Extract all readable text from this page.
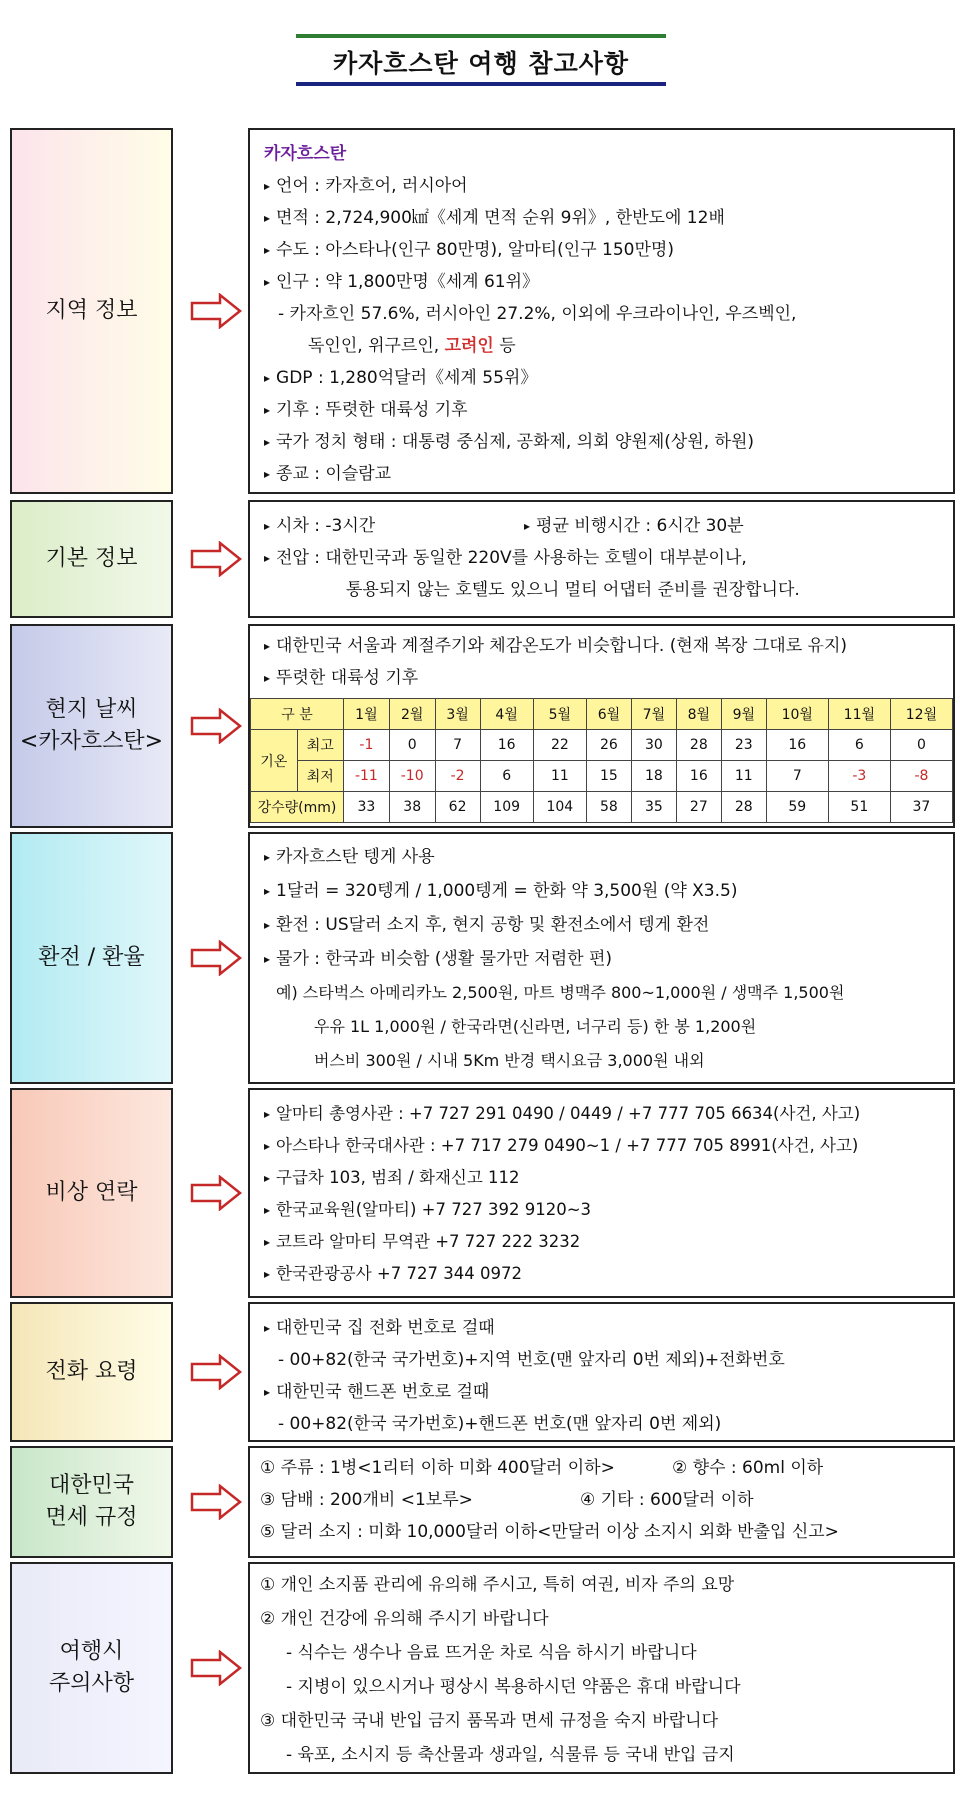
카자흐스탄 여행 참고사항
지역 정보
카자흐스탄
▸ 언어 : 카자흐어, 러시아어
▸ 면적 : 2,724,900㎢《세계 면적 순위 9위》, 한반도에 12배
▸ 수도 : 아스타나(인구 80만명), 알마티(인구 150만명)
▸ 인구 : 약 1,800만명《세계 61위》
- 카자흐인 57.6%, 러시아인 27.2%, 이외에 우크라이나인, 우즈벡인,
독인인, 위구르인, 고려인 등
▸ GDP : 1,280억달러《세계 55위》
▸ 기후 : 뚜렷한 대륙성 기후
▸ 국가 정치 형태 : 대통령 중심제, 공화제, 의회 양원제(상원, 하원)
▸ 종교 : 이슬람교
기본 정보
▸ 시차 : -3시간	▸ 평균 비행시간 : 6시간 30분
▸ 전압 : 대한민국과 동일한 220V를 사용하는 호텔이 대부분이나,
통용되지 않는 호텔도 있으니 멀티 어댑터 준비를 권장합니다.
현지 날씨
<카자흐스탄>
▸ 대한민국 서울과 계절주기와 체감온도가 비슷합니다. (현재 복장 그대로 유지)
▸ 뚜렷한 대륙성 기후
구 분		1월	2월	3월	4월	5월	6월	7월	8월	9월	10월	11월	12월
기온	최고	-1	0	7	16	22	26	30	28	23	16	6	0
	최저	-11	-10	-2	6	11	15	18	16	11	7	-3	-8
강수량(mm)		33	38	62	109	104	58	35	27	28	59	51	37
환전 / 환율
▸ 카자흐스탄 텡게 사용
▸ 1달러 = 320텡게 / 1,000텡게 = 한화 약 3,500원 (약 X3.5)
▸ 환전 : US달러 소지 후, 현지 공항 및 환전소에서 텡게 환전
▸ 물가 : 한국과 비슷함 (생활 물가만 저렴한 편)
예) 스타벅스 아메리카노 2,500원, 마트 병맥주 800~1,000원 / 생맥주 1,500원
우유 1L 1,000원 / 한국라면(신라면, 너구리 등) 한 봉 1,200원
버스비 300원 / 시내 5Km 반경 택시요금 3,000원 내외
비상 연락
▸ 알마티 총영사관 : +7 727 291 0490 / 0449 / +7 777 705 6634(사건, 사고)
▸ 아스타나 한국대사관 : +7 717 279 0490~1 / +7 777 705 8991(사건, 사고)
▸ 구급차 103, 범죄 / 화재신고 112
▸ 한국교육원(알마티) +7 727 392 9120~3
▸ 코트라 알마티 무역관 +7 727 222 3232
▸ 한국관광공사 +7 727 344 0972
전화 요령
▸ 대한민국 집 전화 번호로 걸때
- 00+82(한국 국가번호)+지역 번호(맨 앞자리 0번 제외)+전화번호
▸ 대한민국 핸드폰 번호로 걸때
- 00+82(한국 국가번호)+핸드폰 번호(맨 앞자리 0번 제외)
대한민국
면세 규정
① 주류 : 1병<1리터 이하 미화 400달러 이하>	② 향수 : 60ml 이하
③ 담배 : 200개비 <1보루>	④ 기타 : 600달러 이하
⑤ 달러 소지 : 미화 10,000달러 이하<만달러 이상 소지시 외화 반출입 신고>
여행시
주의사항
① 개인 소지품 관리에 유의해 주시고, 특히 여권, 비자 주의 요망
② 개인 건강에 유의해 주시기 바랍니다
- 식수는 생수나 음료 뜨거운 차로 식음 하시기 바랍니다
- 지병이 있으시거나 평상시 복용하시던 약품은 휴대 바랍니다
③ 대한민국 국내 반입 금지 품목과 면세 규정을 숙지 바랍니다
- 육포, 소시지 등 축산물과 생과일, 식물류 등 국내 반입 금지
